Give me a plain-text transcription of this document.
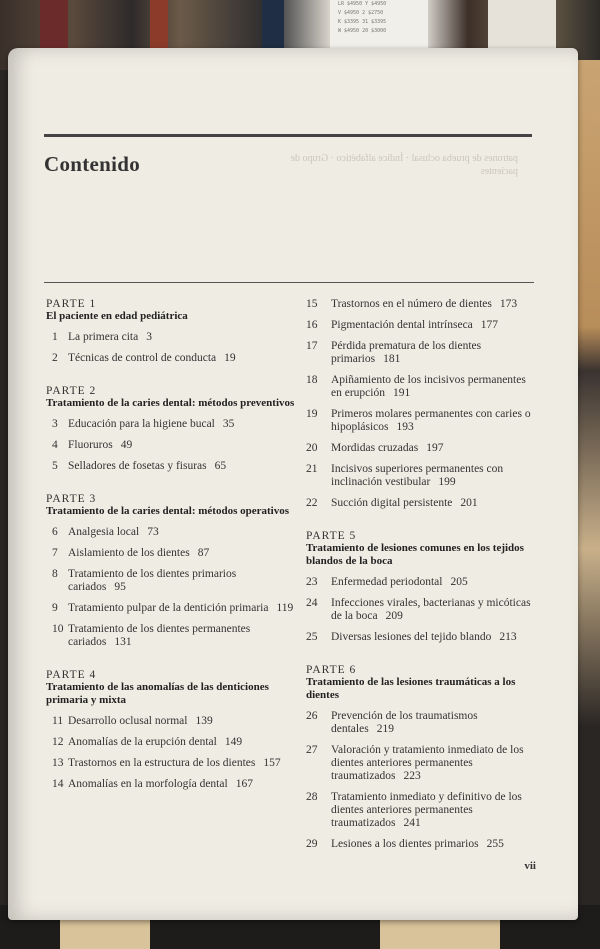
LR $4950 Y $4950
V $4950 2 $2750
K $3395 31 $3395
W $4950 20 $3000
Contenido	patrones de prueba oclusal · Índice alfabético · Grupo de pacientes
PARTE 1
El paciente en edad pediátrica
1 La primera cita 3
2 Técnicas de control de conducta 19
PARTE 2
Tratamiento de la caries dental: métodos preventivos
3 Educación para la higiene bucal 35
4 Fluoruros 49
5 Selladores de fosetas y fisuras 65
PARTE 3
Tratamiento de la caries dental: métodos operativos
6 Analgesia local 73
7 Aislamiento de los dientes 87
8 Tratamiento de los dientes primarios cariados 95
9 Tratamiento pulpar de la dentición primaria 119
10 Tratamiento de los dientes permanentes cariados 131
PARTE 4
Tratamiento de las anomalías de las denticiones primaria y mixta
11 Desarrollo oclusal normal 139
12 Anomalías de la erupción dental 149
13 Trastornos en la estructura de los dientes 157
14 Anomalías en la morfología dental 167
15	Trastornos en el número de dientes 173
16	Pigmentación dental intrínseca 177
17	Pérdida prematura de los dientes primarios 181
18	Apiñamiento de los incisivos permanentes en erupción 191
19	Primeros molares permanentes con caries o hipoplásicos 193
20	Mordidas cruzadas 197
21	Incisivos superiores permanentes con inclinación vestibular 199
22	Succión digital persistente 201
PARTE 5
Tratamiento de lesiones comunes en los tejidos blandos de la boca
23	Enfermedad periodontal 205
24	Infecciones virales, bacterianas y micóticas de la boca 209
25	Diversas lesiones del tejido blando 213
PARTE 6
Tratamiento de las lesiones traumáticas a los dientes
26	Prevención de los traumatismos dentales 219
27	Valoración y tratamiento inmediato de los dientes anteriores permanentes traumatizados 223
28	Tratamiento inmediato y definitivo de los dientes anteriores permanentes traumatizados 241
29	Lesiones a los dientes primarios 255
vii
